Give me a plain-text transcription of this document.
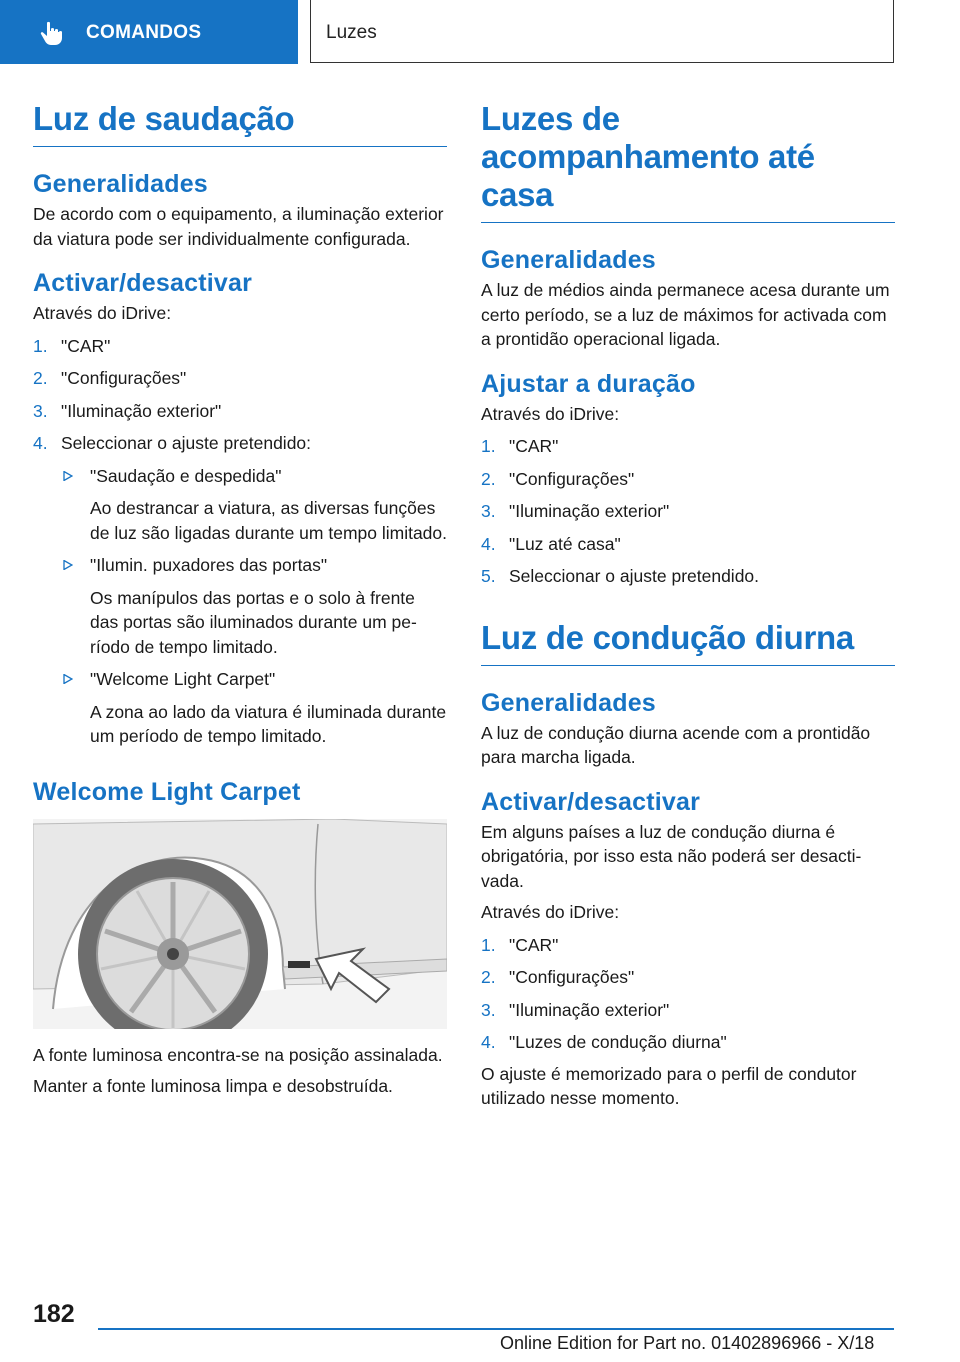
COMANDOS	Luzes
Luz de saudação
Generalidades

De acordo com o equipamento, a iluminação exterior da viatura pode ser individualmente configurada.

Activar/desactivar

Através do iDrive:

1. "CAR"
2. "Configurações"
3. "Iluminação exterior"
4. Seleccionar o ajuste pretendido:
"Saudação e despedida"
Ao destrancar a viatura, as diversas funções de luz são ligadas durante um tempo limitado.
"Ilumin. puxadores das portas"
Os manípulos das portas e o solo à frente das portas são iluminados durante um período de tempo limitado.
"Welcome Light Carpet"
A zona ao lado da viatura é iluminada durante um período de tempo limitado.
Welcome Light Carpet

A fonte luminosa encontra-se na posição assinalada.

Manter a fonte luminosa limpa e desobstruída.

Luzes de acompanhamento até casa
Generalidades

A luz de médios ainda permanece acesa durante um certo período, se a luz de máximos for activada com a prontidão operacional ligada.

Ajustar a duração

Através do iDrive:

1. "CAR"
2. "Configurações"
3. "Iluminação exterior"
4. "Luz até casa"
5. Seleccionar o ajuste pretendido.
Luz de condução diurna
Generalidades

A luz de condução diurna acende com a prontidão para marcha ligada.

Activar/desactivar

Em alguns países a luz de condução diurna é obrigatória, por isso esta não poderá ser desactivada.

Através do iDrive:

1. "CAR"
2. "Configurações"
3. "Iluminação exterior"
4. "Luzes de condução diurna"

O ajuste é memorizado para o perfil de condutor utilizado nesse momento.

182
Online Edition for Part no. 01402896966 - X/18
